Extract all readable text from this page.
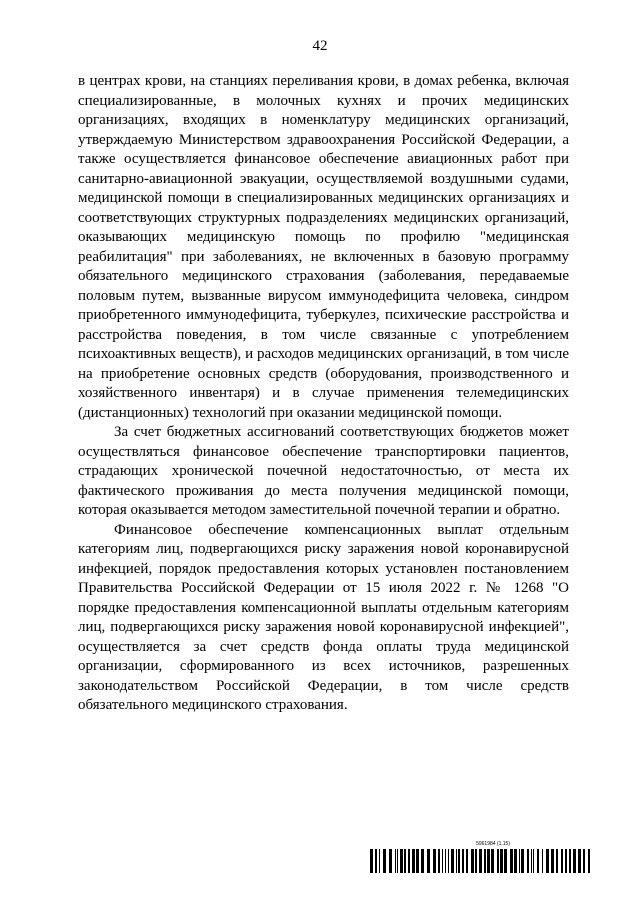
42

в центрах крови, на станциях переливания крови, в домах ребенка, включая специализированные, в молочных кухнях и прочих медицинских организациях, входящих в номенклатуру медицинских организаций, утверждаемую Министерством здравоохранения Российской Федерации, а также осуществляется финансовое обеспечение авиационных работ при санитарно-авиационной эвакуации, осуществляемой воздушными судами, медицинской помощи в специализированных медицинских организациях и соответствующих структурных подразделениях медицинских организаций, оказывающих медицинскую помощь по профилю "медицинская реабилитация" при заболеваниях, не включенных в базовую программу обязательного медицинского страхования (заболевания, передаваемые половым путем, вызванные вирусом иммунодефицита человека, синдром приобретенного иммунодефицита, туберкулез, психические расстройства и расстройства поведения, в том числе связанные с употреблением психоактивных веществ), и расходов медицинских организаций, в том числе на приобретение основных средств (оборудования, производственного и хозяйственного инвентаря) и в случае применения телемедицинских (дистанционных) технологий при оказании медицинской помощи.

За счет бюджетных ассигнований соответствующих бюджетов может осуществляться финансовое обеспечение транспортировки пациентов, страдающих хронической почечной недостаточностью, от места их фактического проживания до места получения медицинской помощи, которая оказывается методом заместительной почечной терапии и обратно.

Финансовое обеспечение компенсационных выплат отдельным категориям лиц, подвергающихся риску заражения новой коронавирусной инфекцией, порядок предоставления которых установлен постановлением Правительства Российской Федерации от 15 июля 2022 г. № 1268 "О порядке предоставления компенсационной выплаты отдельным категориям лиц, подвергающихся риску заражения новой коронавирусной инфекцией", осуществляется за счет средств фонда оплаты труда медицинской организации, сформированного из всех источников, разрешенных законодательством Российской Федерации, в том числе средств обязательного медицинского страхования.

5961984 (1.15)
